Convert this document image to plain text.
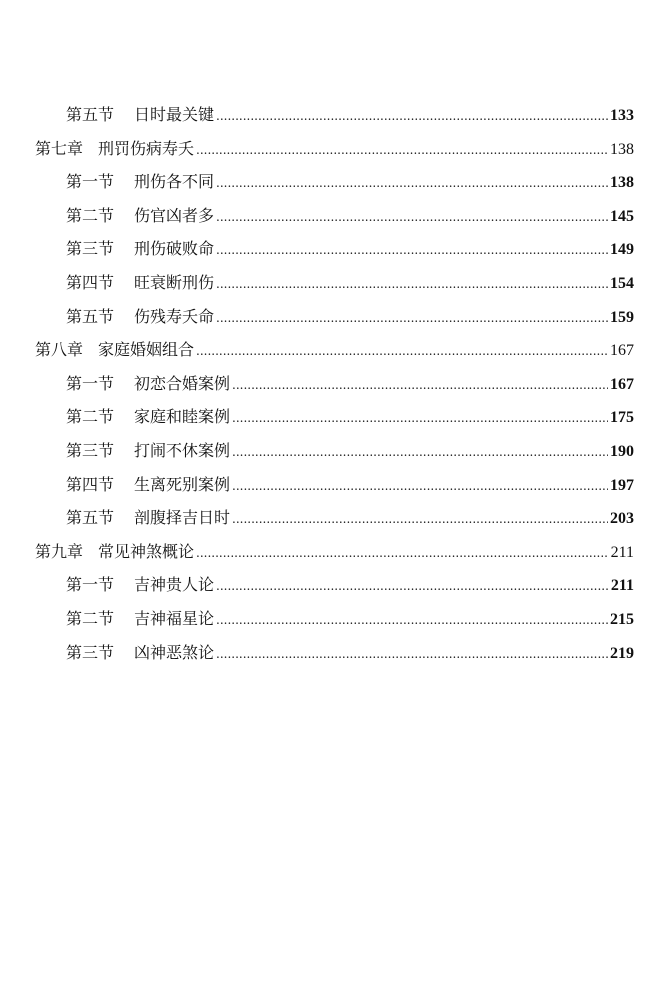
第五节 日时最关键 .....	133
第七章 刑罚伤病寿夭 .....	138
第一节 刑伤各不同 .....	138
第二节 伤官凶者多 .....	145
第三节 刑伤破败命 .....	149
第四节 旺衰断刑伤 .....	154
第五节 伤残寿夭命 .....	159
第八章 家庭婚姻组合 .....	167
第一节 初恋合婚案例 .....	167
第二节 家庭和睦案例 .....	175
第三节 打闹不休案例 .....	190
第四节 生离死别案例 .....	197
第五节 剖腹择吉日时 .....	203
第九章 常见神煞概论 .....	211
第一节 吉神贵人论 .....	211
第二节 吉神福星论 .....	215
第三节 凶神恶煞论 .....	219
